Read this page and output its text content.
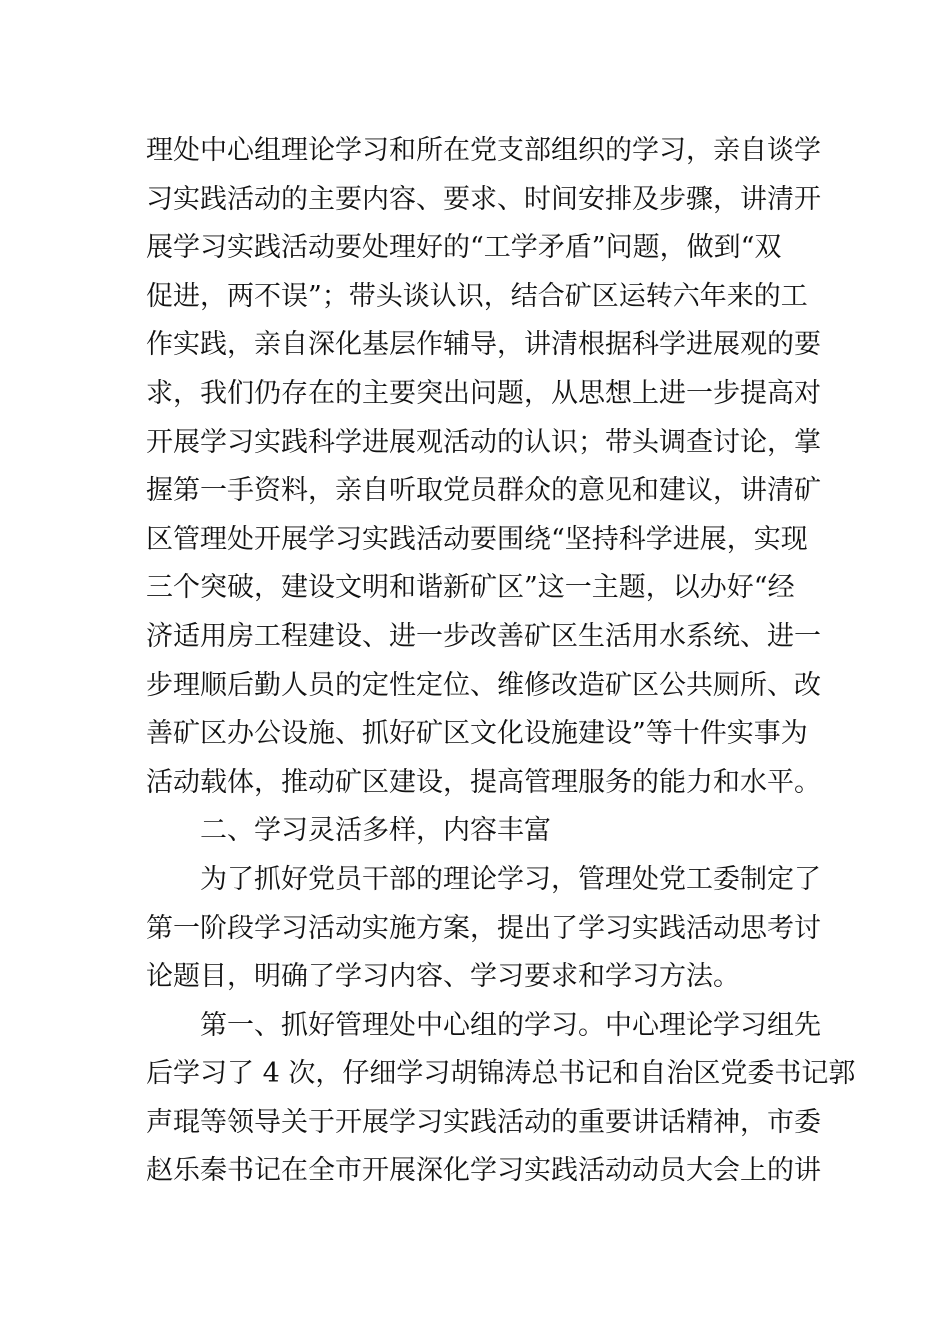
理处中心组理论学习和所在党支部组织的学习，亲自谈学
习实践活动的主要内容、要求、时间安排及步骤，讲清开
展学习实践活动要处理好的“工学矛盾”问题，做到“双
促进，两不误”；带头谈认识，结合矿区运转六年来的工
作实践，亲自深化基层作辅导，讲清根据科学进展观的要
求，我们仍存在的主要突出问题，从思想上进一步提高对
开展学习实践科学进展观活动的认识；带头调查讨论，掌
握第一手资料，亲自听取党员群众的意见和建议，讲清矿
区管理处开展学习实践活动要围绕“坚持科学进展，实现
三个突破，建设文明和谐新矿区”这一主题，以办好“经
济适用房工程建设、进一步改善矿区生活用水系统、进一
步理顺后勤人员的定性定位、维修改造矿区公共厕所、改
善矿区办公设施、抓好矿区文化设施建设”等十件实事为
活动载体，推动矿区建设，提高管理服务的能力和水平。
二、学习灵活多样，内容丰富
为了抓好党员干部的理论学习，管理处党工委制定了
第一阶段学习活动实施方案，提出了学习实践活动思考讨
论题目，明确了学习内容、学习要求和学习方法。
第一、抓好管理处中心组的学习。中心理论学习组先
后学习了 4 次，仔细学习胡锦涛总书记和自治区党委书记郭
声琨等领导关于开展学习实践活动的重要讲话精神，市委
赵乐秦书记在全市开展深化学习实践活动动员大会上的讲
